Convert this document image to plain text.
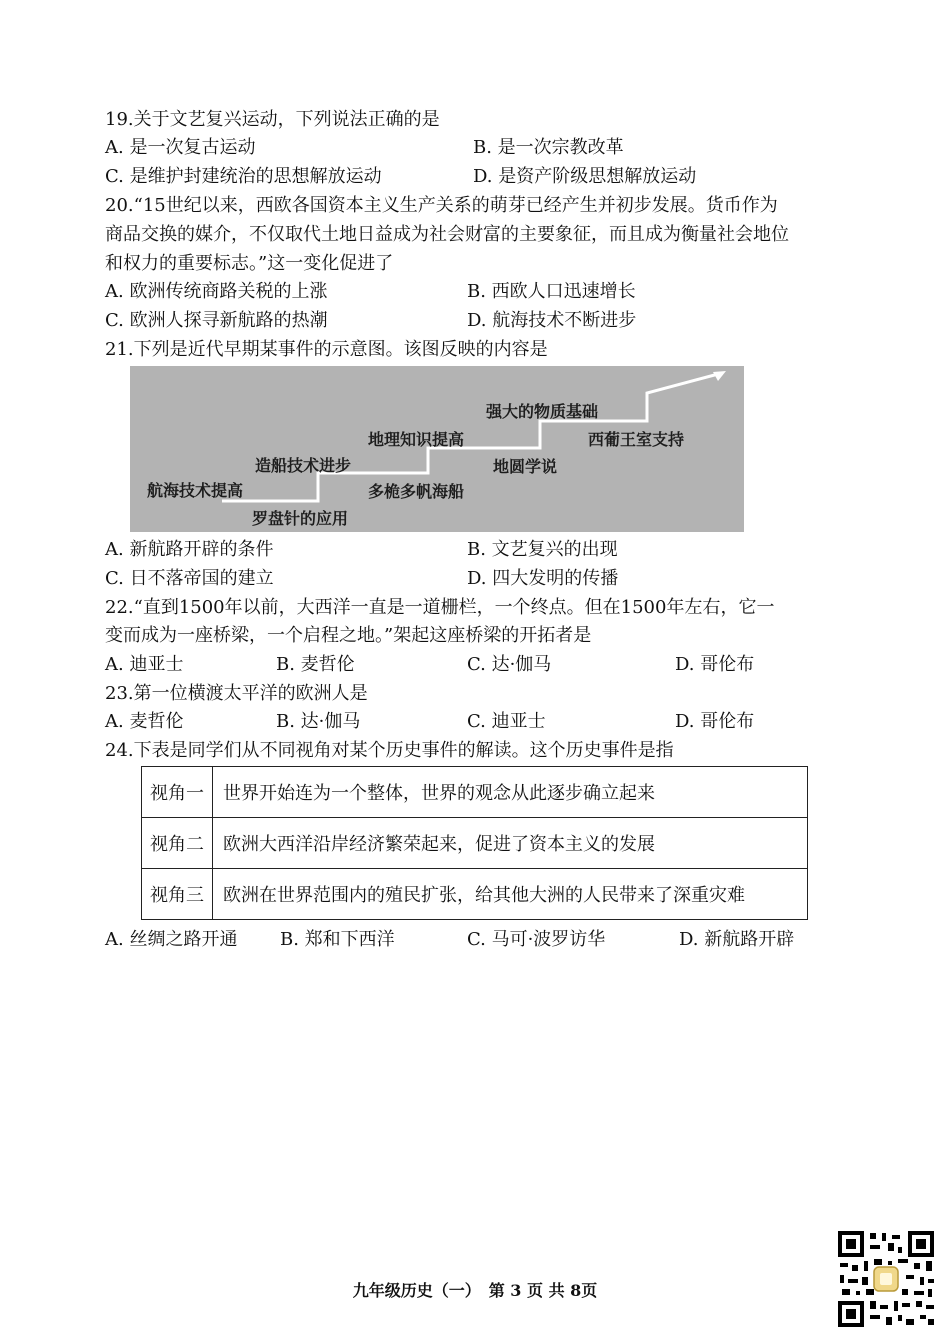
19.关于文艺复兴运动，下列说法正确的是
A. 是一次复古运动	B. 是一次宗教改革
C. 是维护封建统治的思想解放运动	D. 是资产阶级思想解放运动
20.“15世纪以来，西欧各国资本主义生产关系的萌芽已经产生并初步发展。货币作为
商品交换的媒介，不仅取代土地日益成为社会财富的主要象征，而且成为衡量社会地位
和权力的重要标志。”这一变化促进了
A. 欧洲传统商路关税的上涨	B. 西欧人口迅速增长
C. 欧洲人探寻新航路的热潮	D. 航海技术不断进步
21.下列是近代早期某事件的示意图。该图反映的内容是
航海技术提高
造船技术进步
地理知识提高
强大的物质基础
罗盘针的应用
多桅多帆海船
地圆学说
西葡王室支持
A. 新航路开辟的条件	B. 文艺复兴的出现
C. 日不落帝国的建立	D. 四大发明的传播
22.“直到1500年以前，大西洋一直是一道栅栏，一个终点。但在1500年左右，它一
变而成为一座桥梁，一个启程之地。”架起这座桥梁的开拓者是
A. 迪亚士	B. 麦哲伦	C. 达·伽马	D. 哥伦布
23.第一位横渡太平洋的欧洲人是
A. 麦哲伦	B. 达·伽马	C. 迪亚士	D. 哥伦布
24.下表是同学们从不同视角对某个历史事件的解读。这个历史事件是指
视角一	世界开始连为一个整体，世界的观念从此逐步确立起来
视角二	欧洲大西洋沿岸经济繁荣起来，促进了资本主义的发展
视角三	欧洲在世界范围内的殖民扩张，给其他大洲的人民带来了深重灾难
A. 丝绸之路开通 B. 郑和下西洋	C. 马可·波罗访华	D. 新航路开辟
九年级历史（一）　第 3 页 共 8页
